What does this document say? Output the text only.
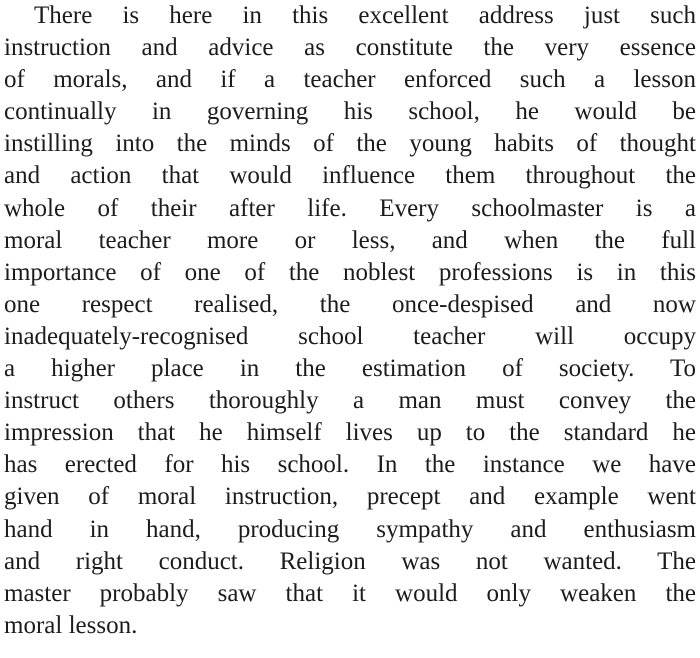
There is here in this excellent address just such
instruction and advice as constitute the very essence
of morals, and if a teacher enforced such a lesson
continually in governing his school, he would be
instilling into the minds of the young habits of thought
and action that would influence them throughout the
whole of their after life. Every schoolmaster is a
moral teacher more or less, and when the full
importance of one of the noblest professions is in this
one respect realised, the once-despised and now
inadequately-recognised school teacher will occupy
a higher place in the estimation of society. To
instruct others thoroughly a man must convey the
impression that he himself lives up to the standard he
has erected for his school. In the instance we have
given of moral instruction, precept and example went
hand in hand, producing sympathy and enthusiasm
and right conduct. Religion was not wanted. The
master probably saw that it would only weaken the
moral lesson.
